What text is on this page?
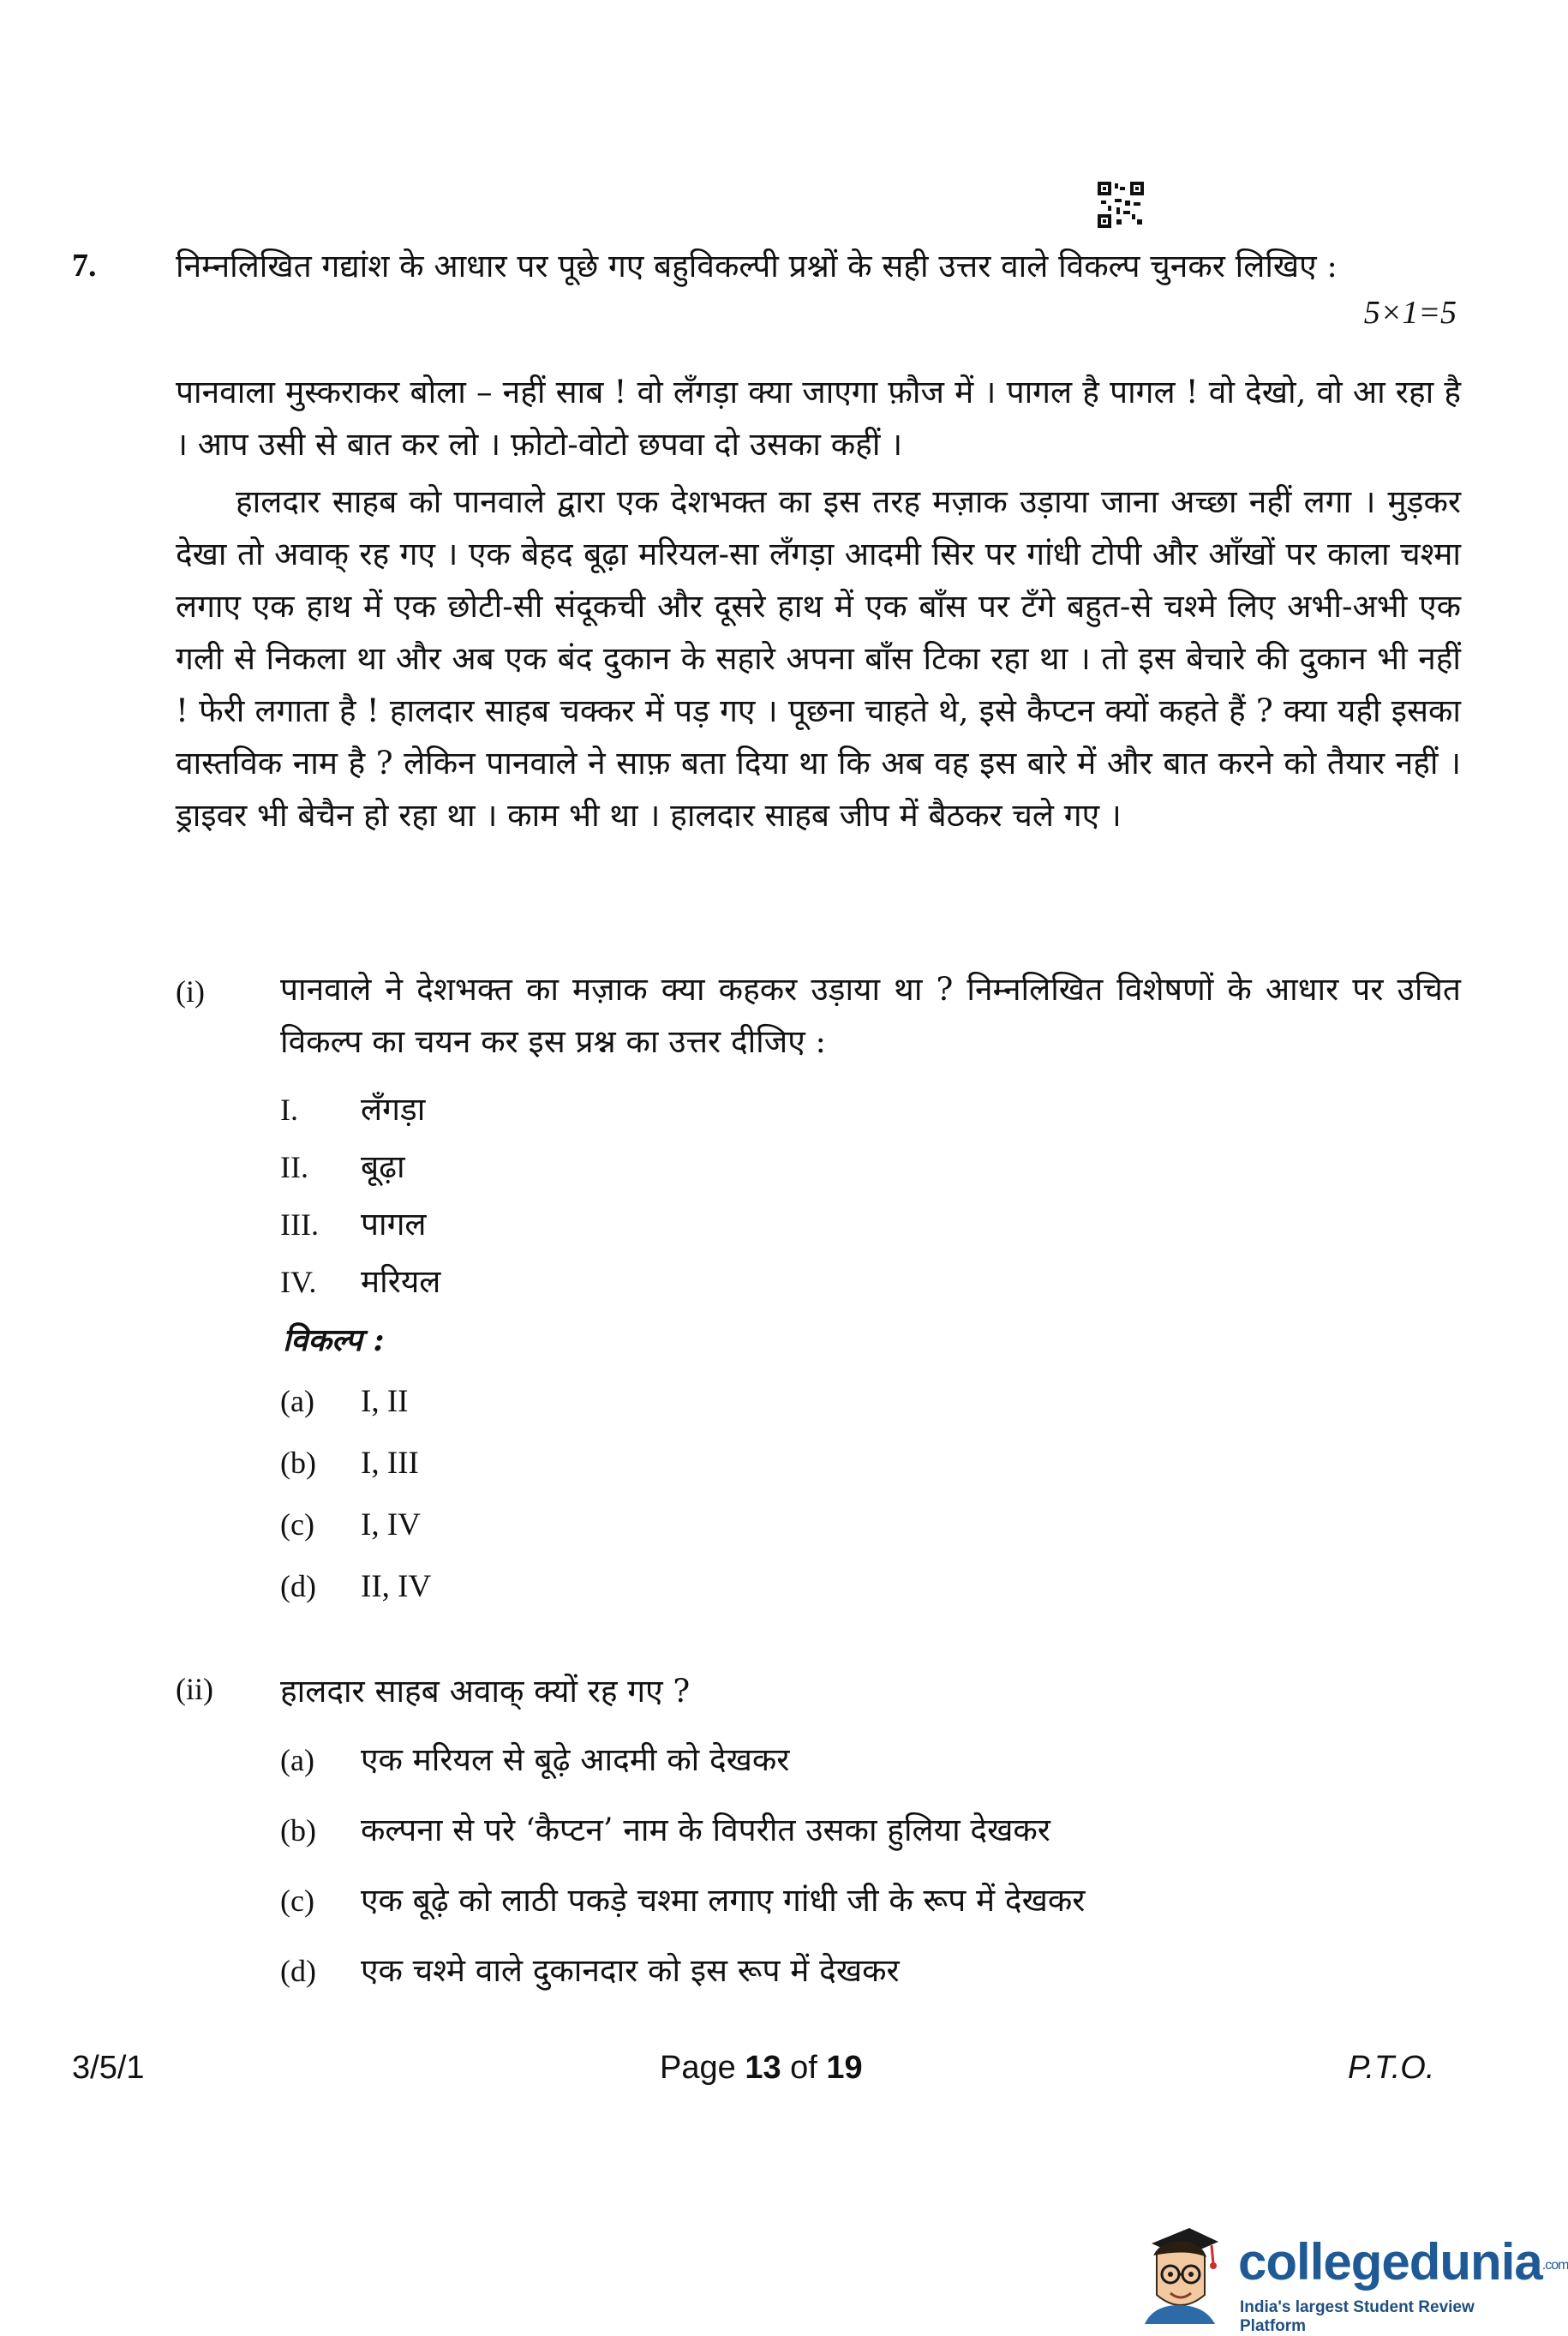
7.	निम्नलिखित गद्यांश के आधार पर पूछे गए बहुविकल्पी प्रश्नों के सही उत्तर वाले विकल्प चुनकर लिखिए :
5×1=5
पानवाला मुस्कराकर बोला – नहीं साब ! वो लँगड़ा क्या जाएगा फ़ौज में । पागल है पागल ! वो देखो, वो आ रहा है । आप उसी से बात कर लो । फ़ोटो-वोटो छपवा दो उसका कहीं ।
हालदार साहब को पानवाले द्वारा एक देशभक्त का इस तरह मज़ाक उड़ाया जाना अच्छा नहीं लगा । मुड़कर देखा तो अवाक् रह गए । एक बेहद बूढ़ा मरियल-सा लँगड़ा आदमी सिर पर गांधी टोपी और आँखों पर काला चश्मा लगाए एक हाथ में एक छोटी-सी संदूकची और दूसरे हाथ में एक बाँस पर टँगे बहुत-से चश्मे लिए अभी-अभी एक गली से निकला था और अब एक बंद दुकान के सहारे अपना बाँस टिका रहा था । तो इस बेचारे की दुकान भी नहीं ! फेरी लगाता है ! हालदार साहब चक्कर में पड़ गए । पूछना चाहते थे, इसे कैप्टन क्यों कहते हैं ? क्या यही इसका वास्तविक नाम है ? लेकिन पानवाले ने साफ़ बता दिया था कि अब वह इस बारे में और बात करने को तैयार नहीं । ड्राइवर भी बेचैन हो रहा था । काम भी था । हालदार साहब जीप में बैठकर चले गए ।
(i) पानवाले ने देशभक्त का मज़ाक क्या कहकर उड़ाया था ? निम्नलिखित विशेषणों के आधार पर उचित विकल्प का चयन कर इस प्रश्न का उत्तर दीजिए :
I. लँगड़ा
II. बूढ़ा
III. पागल
IV. मरियल
विकल्प :
(a) I, II
(b) I, III
(c) I, IV
(d) II, IV
(ii) हालदार साहब अवाक् क्यों रह गए ?
(a) एक मरियल से बूढ़े आदमी को देखकर
(b) कल्पना से परे ‘कैप्टन’ नाम के विपरीत उसका हुलिया देखकर
(c) एक बूढ़े को लाठी पकड़े चश्मा लगाए गांधी जी के रूप में देखकर
(d) एक चश्मे वाले दुकानदार को इस रूप में देखकर
3/5/1	Page 13 of 19	P.T.O.
collegedunia.com
India's largest Student Review Platform
